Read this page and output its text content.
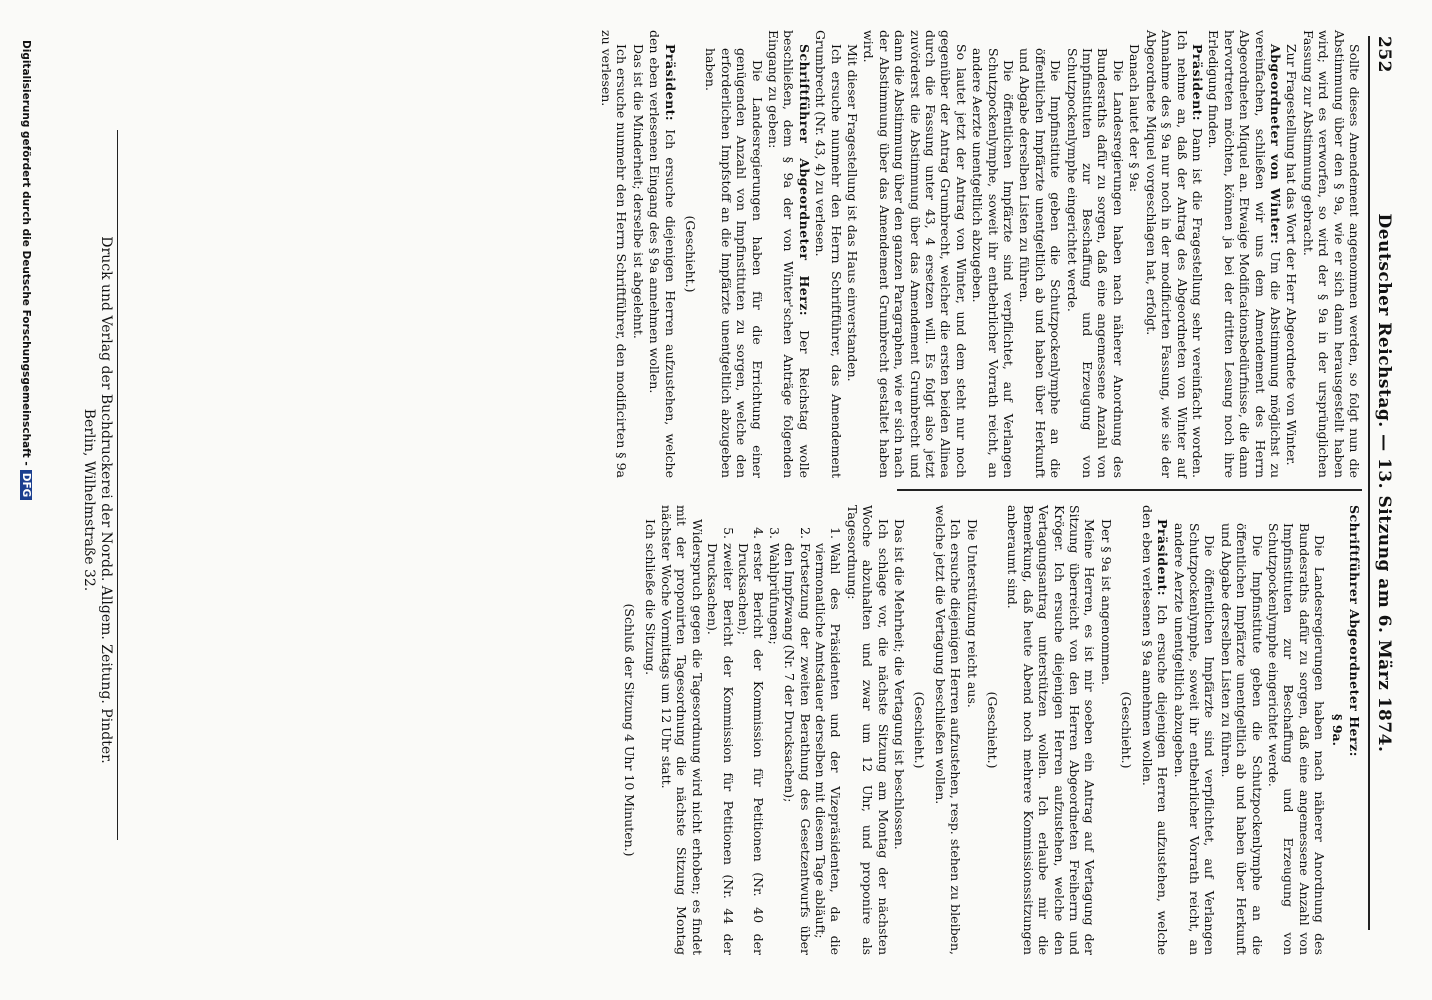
252
Deutscher Reichstag. — 13. Sitzung am 6. März 1874.

Sollte dieses Amendement angenommen werden, so folgt nun die Abstimmung über den § 9a, wie er sich dann herausgestellt haben wird; wird es verworfen, so wird der § 9a in der ursprünglichen Fassung zur Abstimmung gebracht.

Zur Fragestellung hat das Wort der Herr Abgeordnete von Winter.

Abgeordneter von Winter: Um die Abstimmung möglichst zu vereinfachen, schließen wir uns dem Amendement des Herrn Abgeordneten Miquel an. Etwaige Modificationsbedürfnisse, die dann hervortreten möchten, können ja bei der dritten Lesung noch ihre Erledigung finden.

Präsident: Dann ist die Fragestellung sehr vereinfacht worden. Ich nehme an, daß der Antrag des Abgeordneten von Winter auf Annahme des § 9a nur noch in der modificirten Fassung, wie sie der Abgeordnete Miquel vorgeschlagen hat, erfolgt.

Danach lautet der § 9a:

Die Landesregierungen haben nach näherer Anordnung des Bundesraths dafür zu sorgen, daß eine angemessene Anzahl von Impfinstituten zur Beschaffung und Erzeugung von Schutzpockenlymphe eingerichtet werde.

Die Impfinstitute geben die Schutzpockenlymphe an die öffentlichen Impfärzte unentgeltlich ab und haben über Herkunft und Abgabe derselben Listen zu führen.

Die öffentlichen Impfärzte sind verpflichtet, auf Verlangen Schutzpockenlymphe, soweit ihr entbehrlicher Vorrath reicht, an andere Aerzte unentgeltlich abzugeben.

So lautet jetzt der Antrag von Winter, und dem steht nur noch gegenüber der Antrag Grumbrecht, welcher die ersten beiden Alinea durch die Fassung unter 43, 4 ersetzen will. Es folgt also jetzt zuvörderst die Abstimmung über das Amendement Grumbrecht und dann die Abstimmung über den ganzen Paragraphen, wie er sich nach der Abstimmung über das Amendement Grumbrecht gestaltet haben wird.

Mit dieser Fragestellung ist das Haus einverstanden.

Ich ersuche nunmehr den Herrn Schriftführer, das Amendement Grumbrecht (Nr. 43, 4) zu verlesen.

Schriftführer Abgeordneter Herz: Der Reichstag wolle beschließen, dem § 9a der von Winter'schen Anträge folgenden Eingang zu geben:

Die Landesregierungen haben für die Errichtung einer genügenden Anzahl von Impfinstituten zu sorgen, welche den erforderlichen Impfstoff an die Impfärzte unentgeltlich abzugeben haben.

(Geschieht.)

Präsident: Ich ersuche diejenigen Herren aufzustehen, welche den eben verlesenen Eingang des § 9a annehmen wollen.

Das ist die Minderheit; derselbe ist abgelehnt.

Ich ersuche nunmehr den Herrn Schriftführer, den modificirten § 9a zu verlesen.

Schriftführer Abgeordneter Herz:

§ 9a.

Die Landesregierungen haben nach näherer Anordnung des Bundesraths dafür zu sorgen, daß eine angemessene Anzahl von Impfinstituten zur Beschaffung und Erzeugung von Schutzpockenlymphe eingerichtet werde.

Die Impfinstitute geben die Schutzpockenlymphe an die öffentlichen Impfärzte unentgeltlich ab und haben über Herkunft und Abgabe derselben Listen zu führen.

Die öffentlichen Impfärzte sind verpflichtet, auf Verlangen Schutzpockenlymphe, soweit ihr entbehrlicher Vorrath reicht, an andere Aerzte unentgeltlich abzugeben.

Präsident: Ich ersuche diejenigen Herren aufzustehen, welche den eben verlesenen § 9a annehmen wollen.

(Geschieht.)

Der § 9a ist angenommen.

Meine Herren, es ist mir soeben ein Antrag auf Vertagung der Sitzung überreicht von den Herren Abgeordneten Freiherrn und Kröger. Ich ersuche diejenigen Herren aufzustehen, welche den Vertagungsantrag unterstützen wollen. Ich erlaube mir die Bemerkung, daß heute Abend noch mehrere Kommissionssitzungen anberaumt sind.

(Geschieht.)

Die Unterstützung reicht aus.

Ich ersuche diejenigen Herren aufzustehen, resp. stehen zu bleiben, welche jetzt die Vertagung beschließen wollen.

(Geschieht.)

Das ist die Mehrheit; die Vertagung ist beschlossen.

Ich schlage vor, die nächste Sitzung am Montag der nächsten Woche abzuhalten und zwar um 12 Uhr, und proponire als Tagesordnung:

1. Wahl des Präsidenten und der Vizepräsidenten, da die viermonatliche Amtsdauer derselben mit diesem Tage abläuft;
2. Fortsetzung der zweiten Berathung des Gesetzentwurfs über den Impfzwang (Nr. 7 der Drucksachen);
3. Wahlprüfungen;
4. erster Bericht der Kommission für Petitionen (Nr. 40 der Drucksachen);
5. zweiter Bericht der Kommission für Petitionen (Nr. 44 der Drucksachen).

Widerspruch gegen die Tagesordnung wird nicht erhoben; es findet mit der proponirten Tagesordnung die nächste Sitzung Montag nächster Woche Vormittags um 12 Uhr statt.

Ich schließe die Sitzung.

(Schluß der Sitzung 4 Uhr 10 Minuten.)

Druck und Verlag der Buchdruckerei der Nordd. Allgem. Zeitung. Pindter.
Berlin, Wilhelmstraße 32.
Digitalisierung gefördert durch die Deutsche Forschungsgemeinschaft -DFG
